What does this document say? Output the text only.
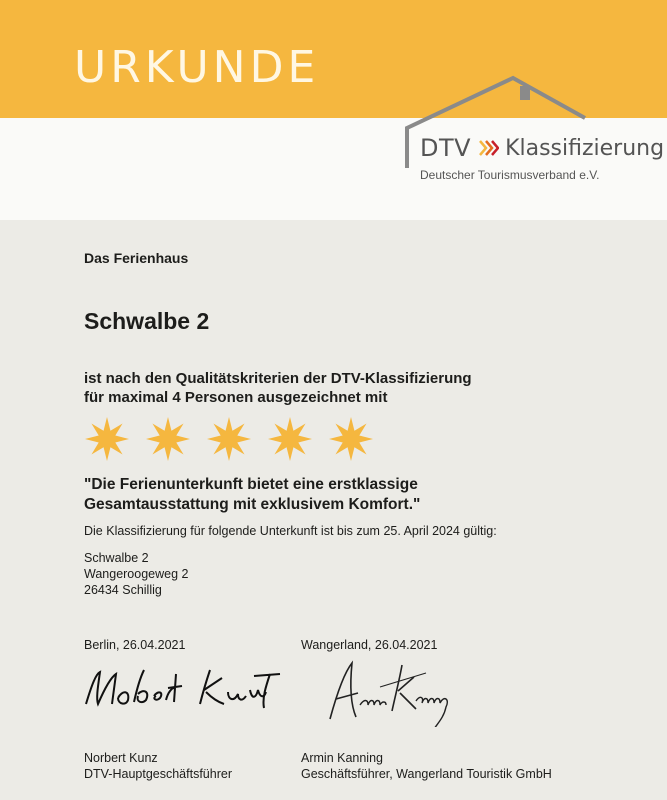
URKUNDE
DTV Klassifizierung
Deutscher Tourismusverband e.V.
Das Ferienhaus
Schwalbe 2
ist nach den Qualitätskriterien der DTV-Klassifizierung
für maximal 4 Personen ausgezeichnet mit
"Die Ferienunterkunft bietet eine erstklassige
Gesamtausstattung mit exklusivem Komfort."
Die Klassifizierung für folgende Unterkunft ist bis zum 25. April 2024 gültig:
Schwalbe 2
Wangeroogeweg 2
26434 Schillig
Berlin, 26.04.2021	Wangerland, 26.04.2021
Norbert Kunz
DTV-Hauptgeschäftsführer
Armin Kanning
Geschäftsführer, Wangerland Touristik GmbH
